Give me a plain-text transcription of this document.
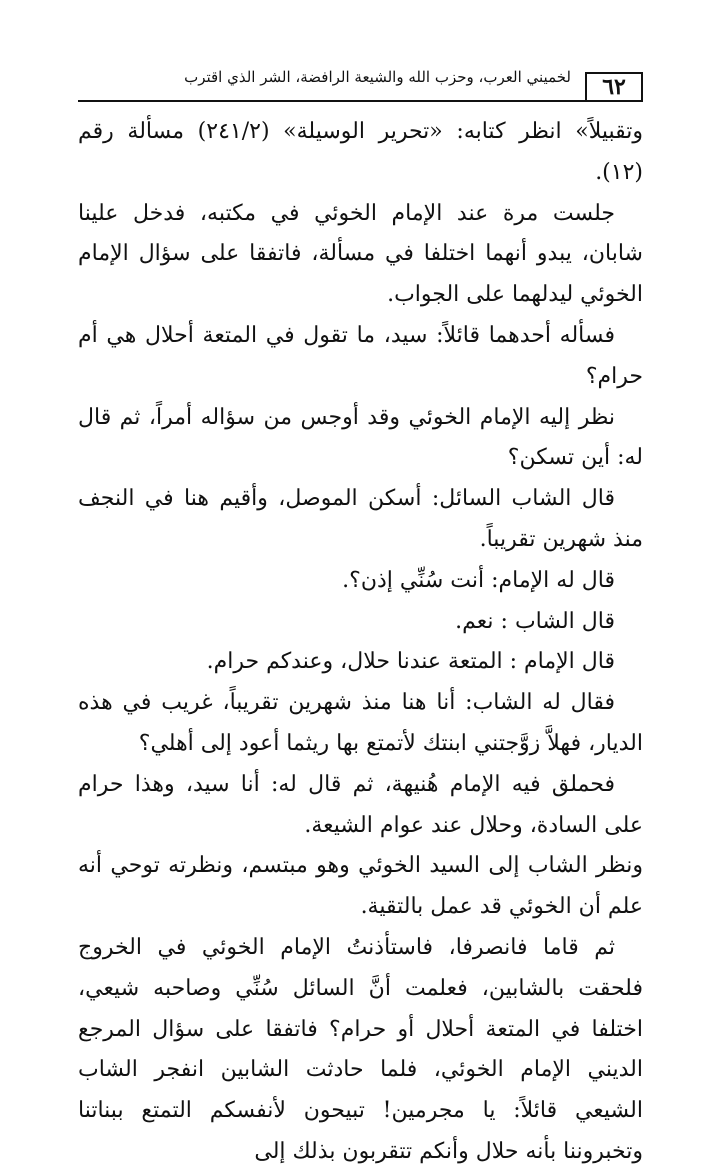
٦٢
لخميني العرب، وحزب الله والشيعة الرافضة، الشر الذي اقترب

وتقبيلاً» انظر كتابه: «تحرير الوسيلة» (٢٤١/٢) مسألة رقم (١٢).

جلست مرة عند الإمام الخوئي في مكتبه، فدخل علينا شابان، يبدو أنهما اختلفا في مسألة، فاتفقا على سؤال الإمام الخوئي ليدلهما على الجواب.

فسأله أحدهما قائلاً: سيد، ما تقول في المتعة أحلال هي أم حرام؟

نظر إليه الإمام الخوئي وقد أوجس من سؤاله أمراً، ثم قال له: أين تسكن؟

قال الشاب السائل: أسكن الموصل، وأقيم هنا في النجف منذ شهرين تقريباً.

قال له الإمام: أنت سُنِّي إذن؟.

قال الشاب : نعم.

قال الإمام : المتعة عندنا حلال، وعندكم حرام.

فقال له الشاب: أنا هنا منذ شهرين تقريباً، غريب في هذه الديار، فهلاَّ زوَّجتني ابنتك لأتمتع بها ريثما أعود إلى أهلي؟

فحملق فيه الإمام هُنيهة، ثم قال له: أنا سيد، وهذا حرام على السادة، وحلال عند عوام الشيعة.

ونظر الشاب إلى السيد الخوئي وهو مبتسم، ونظرته توحي أنه علم أن الخوئي قد عمل بالتقية.

ثم قاما فانصرفا، فاستأذنتُ الإمام الخوئي في الخروج فلحقت بالشابين، فعلمت أنَّ السائل سُنِّي وصاحبه شيعي، اختلفا في المتعة أحلال أو حرام؟ فاتفقا على سؤال المرجع الديني الإمام الخوئي، فلما حادثت الشابين انفجر الشاب الشيعي قائلاً: يا مجرمين! تبيحون لأنفسكم التمتع ببناتنا وتخبروننا بأنه حلال وأنكم تتقربون بذلك إلى
